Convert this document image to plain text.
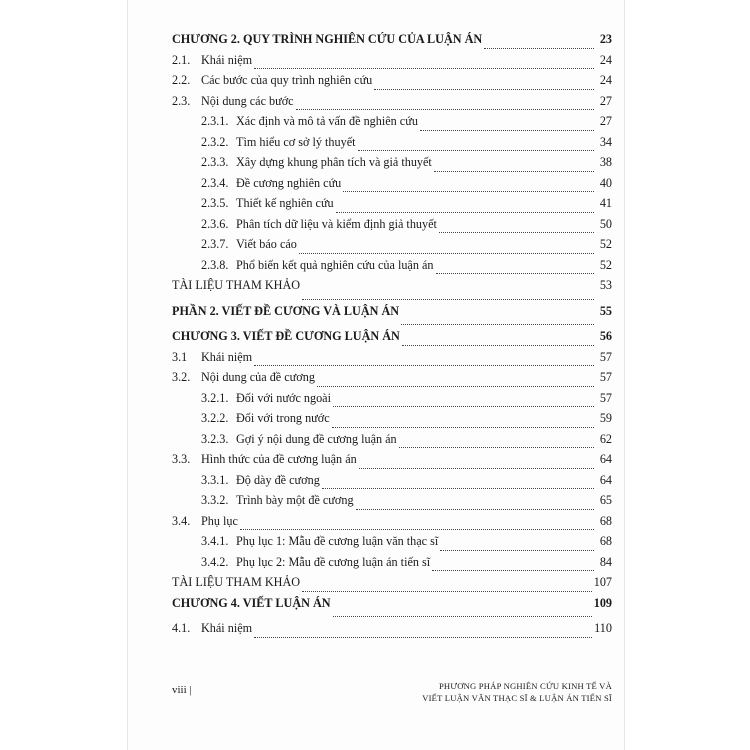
CHƯƠNG 2. QUY TRÌNH NGHIÊN CỨU CỦA LUẬN ÁN	23
2.1. Khái niệm	24
2.2. Các bước của quy trình nghiên cứu	24
2.3. Nội dung các bước	27
2.3.1. Xác định và mô tả vấn đề nghiên cứu	27
2.3.2. Tìm hiểu cơ sở lý thuyết	34
2.3.3. Xây dựng khung phân tích và giả thuyết	38
2.3.4. Đề cương nghiên cứu	40
2.3.5. Thiết kế nghiên cứu	41
2.3.6. Phân tích dữ liệu và kiểm định giả thuyết	50
2.3.7. Viết báo cáo	52
2.3.8. Phổ biến kết quả nghiên cứu của luận án	52
TÀI LIỆU THAM KHẢO	53
PHẦN 2. VIẾT ĐỀ CƯƠNG VÀ LUẬN ÁN	55
CHƯƠNG 3. VIẾT ĐỀ CƯƠNG LUẬN ÁN	56
3.1	Khái niệm	57
3.2. Nội dung của đề cương	57
3.2.1. Đối với nước ngoài	57
3.2.2. Đối với trong nước	59
3.2.3. Gợi ý nội dung đề cương luận án	62
3.3. Hình thức của đề cương luận án	64
3.3.1. Độ dày đề cương	64
3.3.2. Trình bày một đề cương	65
3.4. Phụ lục	68
3.4.1. Phụ lục 1: Mẫu đề cương luận văn thạc sĩ	68
3.4.2. Phụ lục 2: Mẫu đề cương luận án tiến sĩ	84
TÀI LIỆU THAM KHẢO	107
CHƯƠNG 4. VIẾT LUẬN ÁN	109
4.1. Khái niệm	110
viii |	PHƯƠNG PHÁP NGHIÊN CỨU KINH TẾ VÀ
VIẾT LUẬN VĂN THẠC SĨ & LUẬN ÁN TIẾN SĨ
